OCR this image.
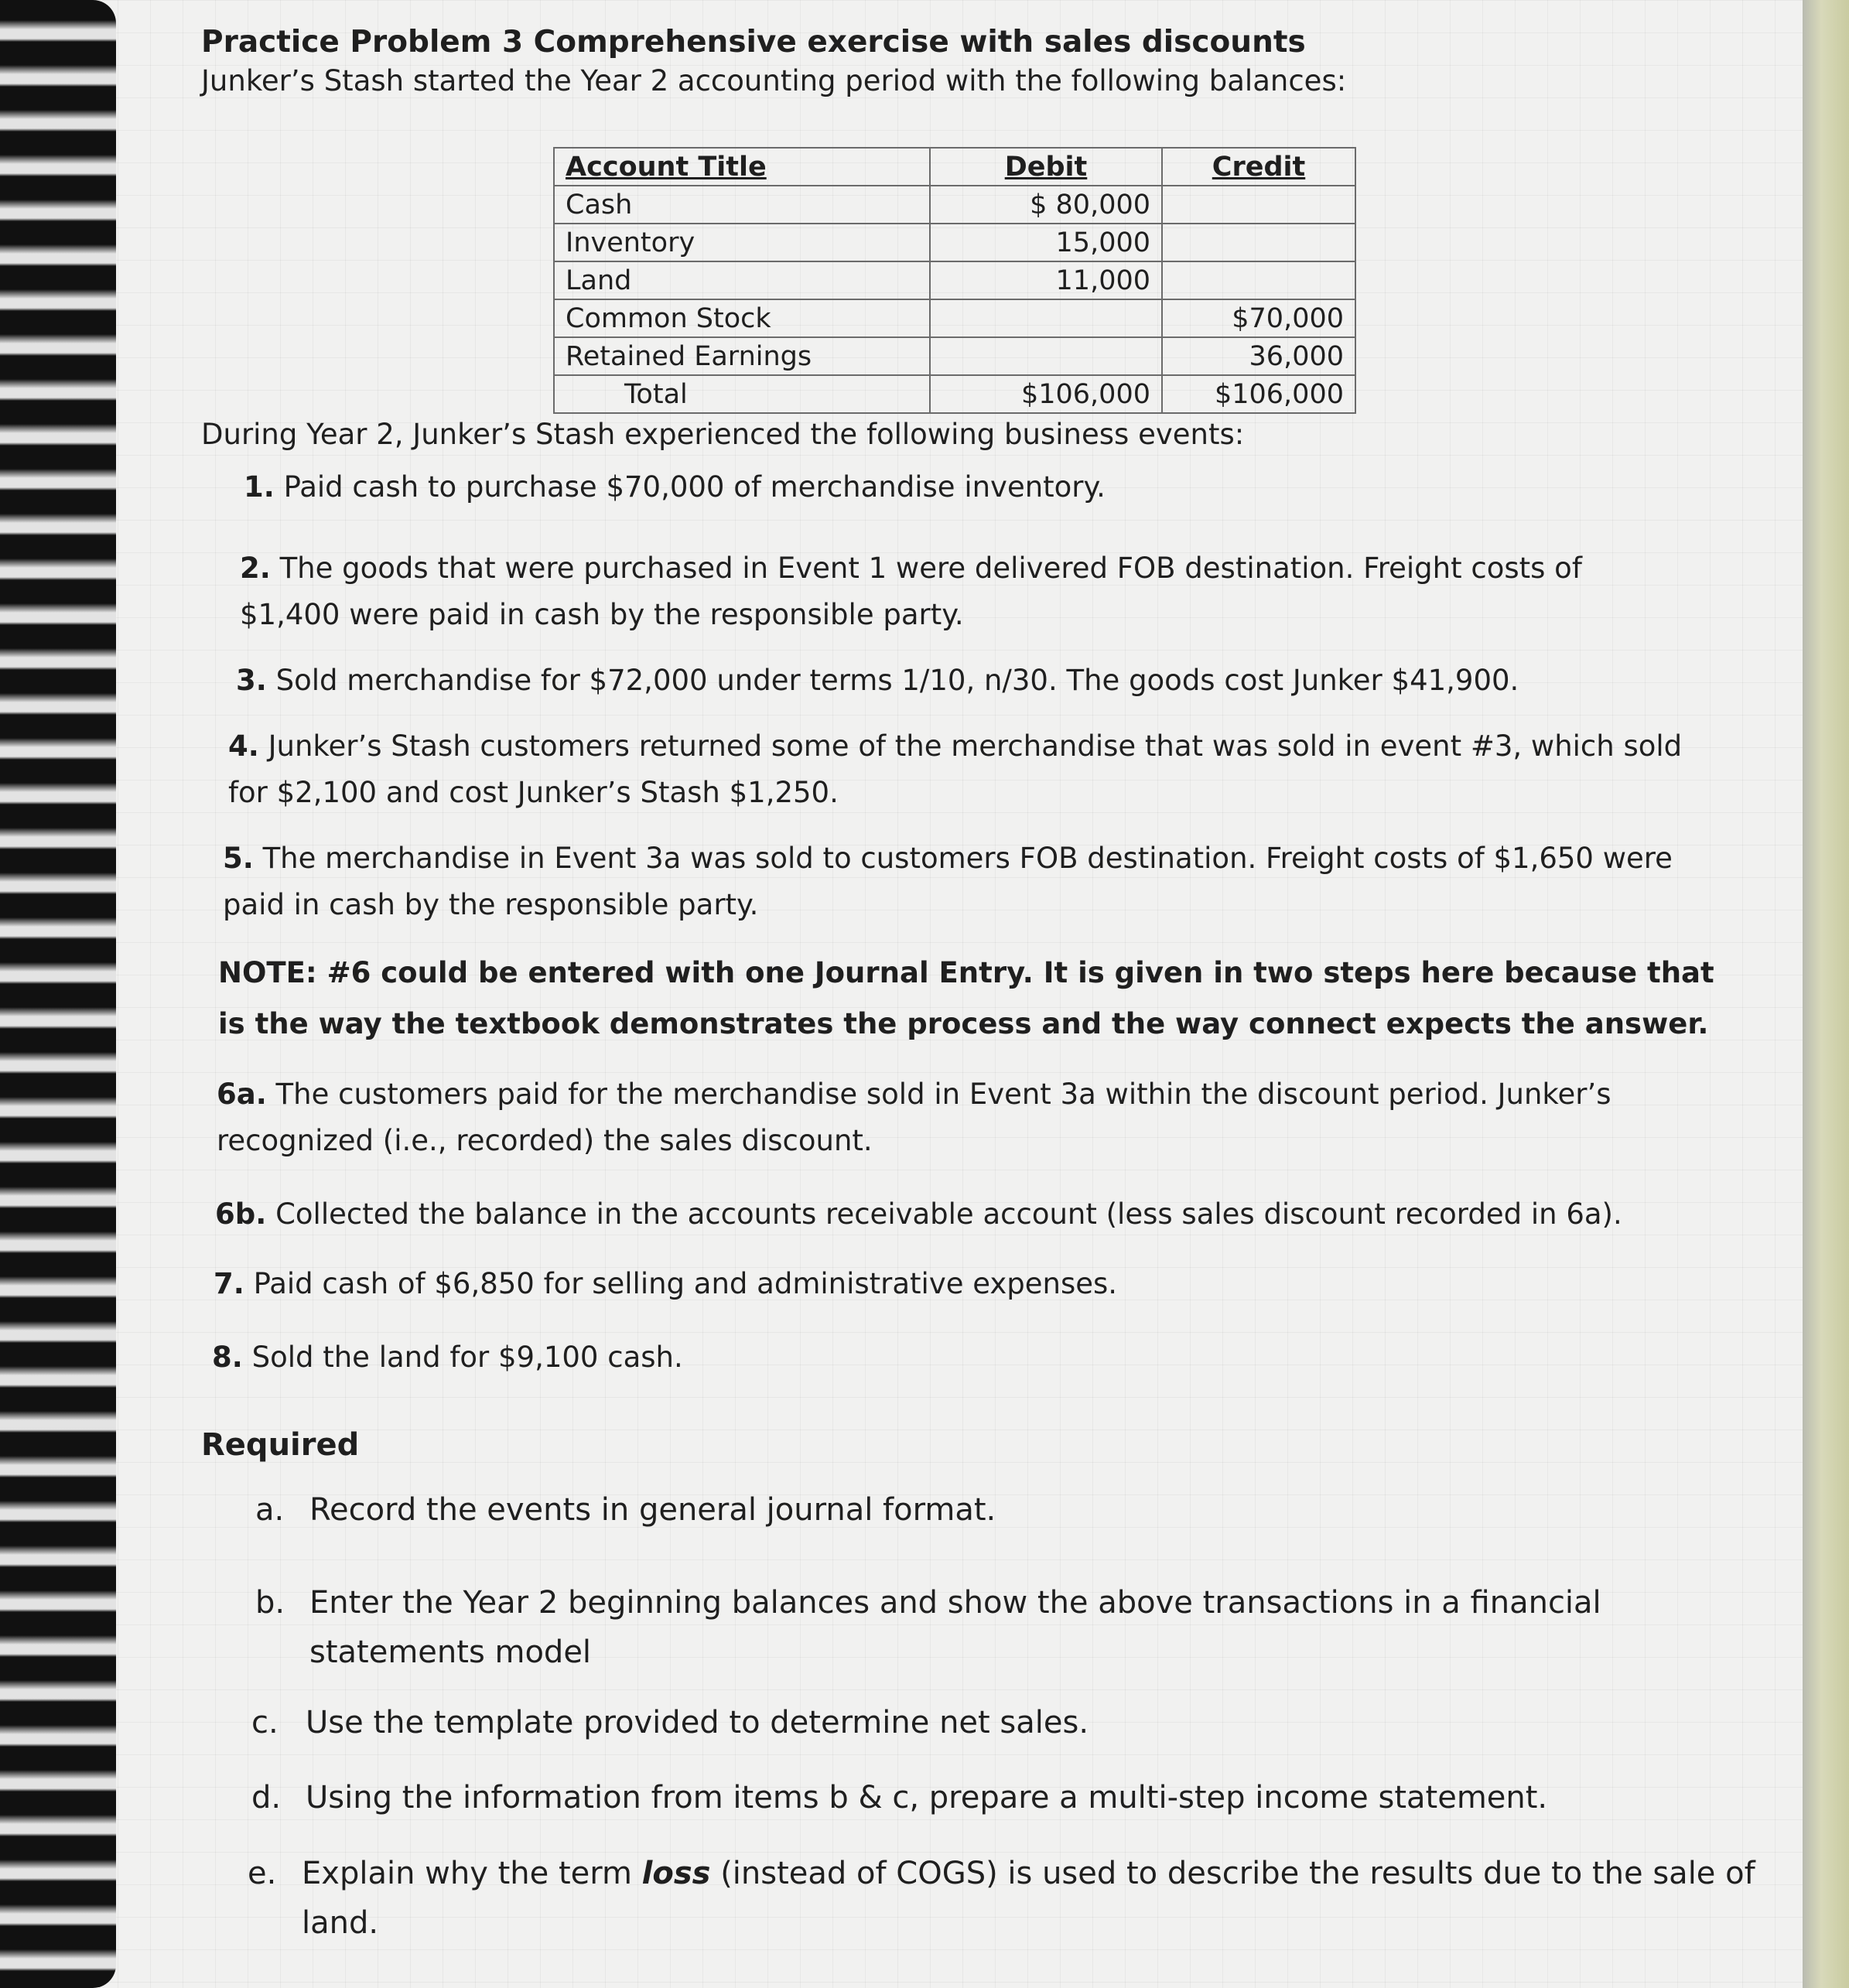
Practice Problem 3 Comprehensive exercise with sales discounts

Junker’s Stash started the Year 2 accounting period with the following balances:

Account Title	Debit	Credit
Cash	$ 80,000	
Inventory	15,000	
Land	11,000	
Common Stock		$70,000
Retained Earnings		36,000
Total	$106,000	$106,000

During Year 2, Junker’s Stash experienced the following business events:

1. Paid cash to purchase $70,000 of merchandise inventory.

2. The goods that were purchased in Event 1 were delivered FOB destination. Freight costs of $1,400 were paid in cash by the responsible party.

3. Sold merchandise for $72,000 under terms 1/10, n/30. The goods cost Junker $41,900.

4. Junker’s Stash customers returned some of the merchandise that was sold in event #3, which sold for $2,100 and cost Junker’s Stash $1,250.

5. The merchandise in Event 3a was sold to customers FOB destination. Freight costs of $1,650 were paid in cash by the responsible party.

NOTE: #6 could be entered with one Journal Entry. It is given in two steps here because that is the way the textbook demonstrates the process and the way connect expects the answer.

6a. The customers paid for the merchandise sold in Event 3a within the discount period. Junker’s recognized (i.e., recorded) the sales discount.

6b. Collected the balance in the accounts receivable account (less sales discount recorded in 6a).

7. Paid cash of $6,850 for selling and administrative expenses.

8. Sold the land for $9,100 cash.

Required

a. Record the events in general journal format.

b. Enter the Year 2 beginning balances and show the above transactions in a financial statements model

c. Use the template provided to determine net sales.

d. Using the information from items b & c, prepare a multi-step income statement.

e. Explain why the term loss (instead of COGS) is used to describe the results due to the sale of land.
